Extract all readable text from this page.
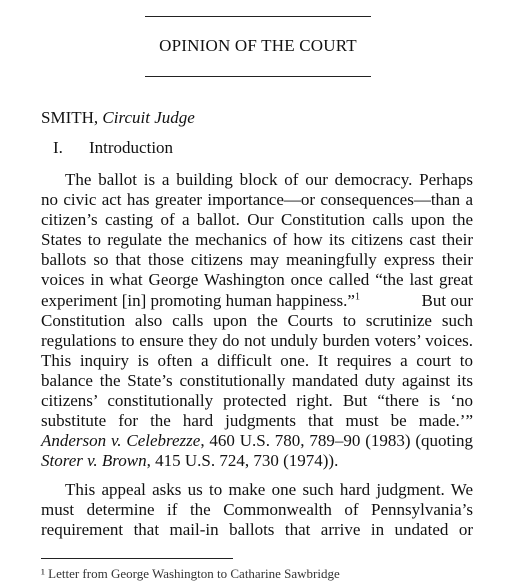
OPINION OF THE COURT
SMITH, Circuit Judge
I. Introduction
The ballot is a building block of our democracy. Perhaps
no civic act has greater importance—or consequences—than a
citizen’s casting of a ballot. Our Constitution calls upon the
States to regulate the mechanics of how its citizens cast their
ballots so that those citizens may meaningfully express their
voices in what George Washington once called “the last great
experiment [in] promoting human happiness.”$^1$	But our
Constitution also calls upon the Courts to scrutinize such
regulations to ensure they do not unduly burden voters’ voices.
This inquiry is often a difficult one. It requires a court to
balance the State’s constitutionally mandated duty against its
citizens’ constitutionally protected right. But “there is ‘no
substitute for the hard judgments that must be made.’”
Anderson v. Celebrezze, 460 U.S. 780, 789–90 (1983) (quoting
Storer v. Brown, 415 U.S. 724, 730 (1974)).
This appeal asks us to make one such hard judgment. We
must determine if the Commonwealth of Pennsylvania’s
requirement that mail-in ballots that arrive in undated or
¹ Letter from George Washington to Catharine Sawbridge
